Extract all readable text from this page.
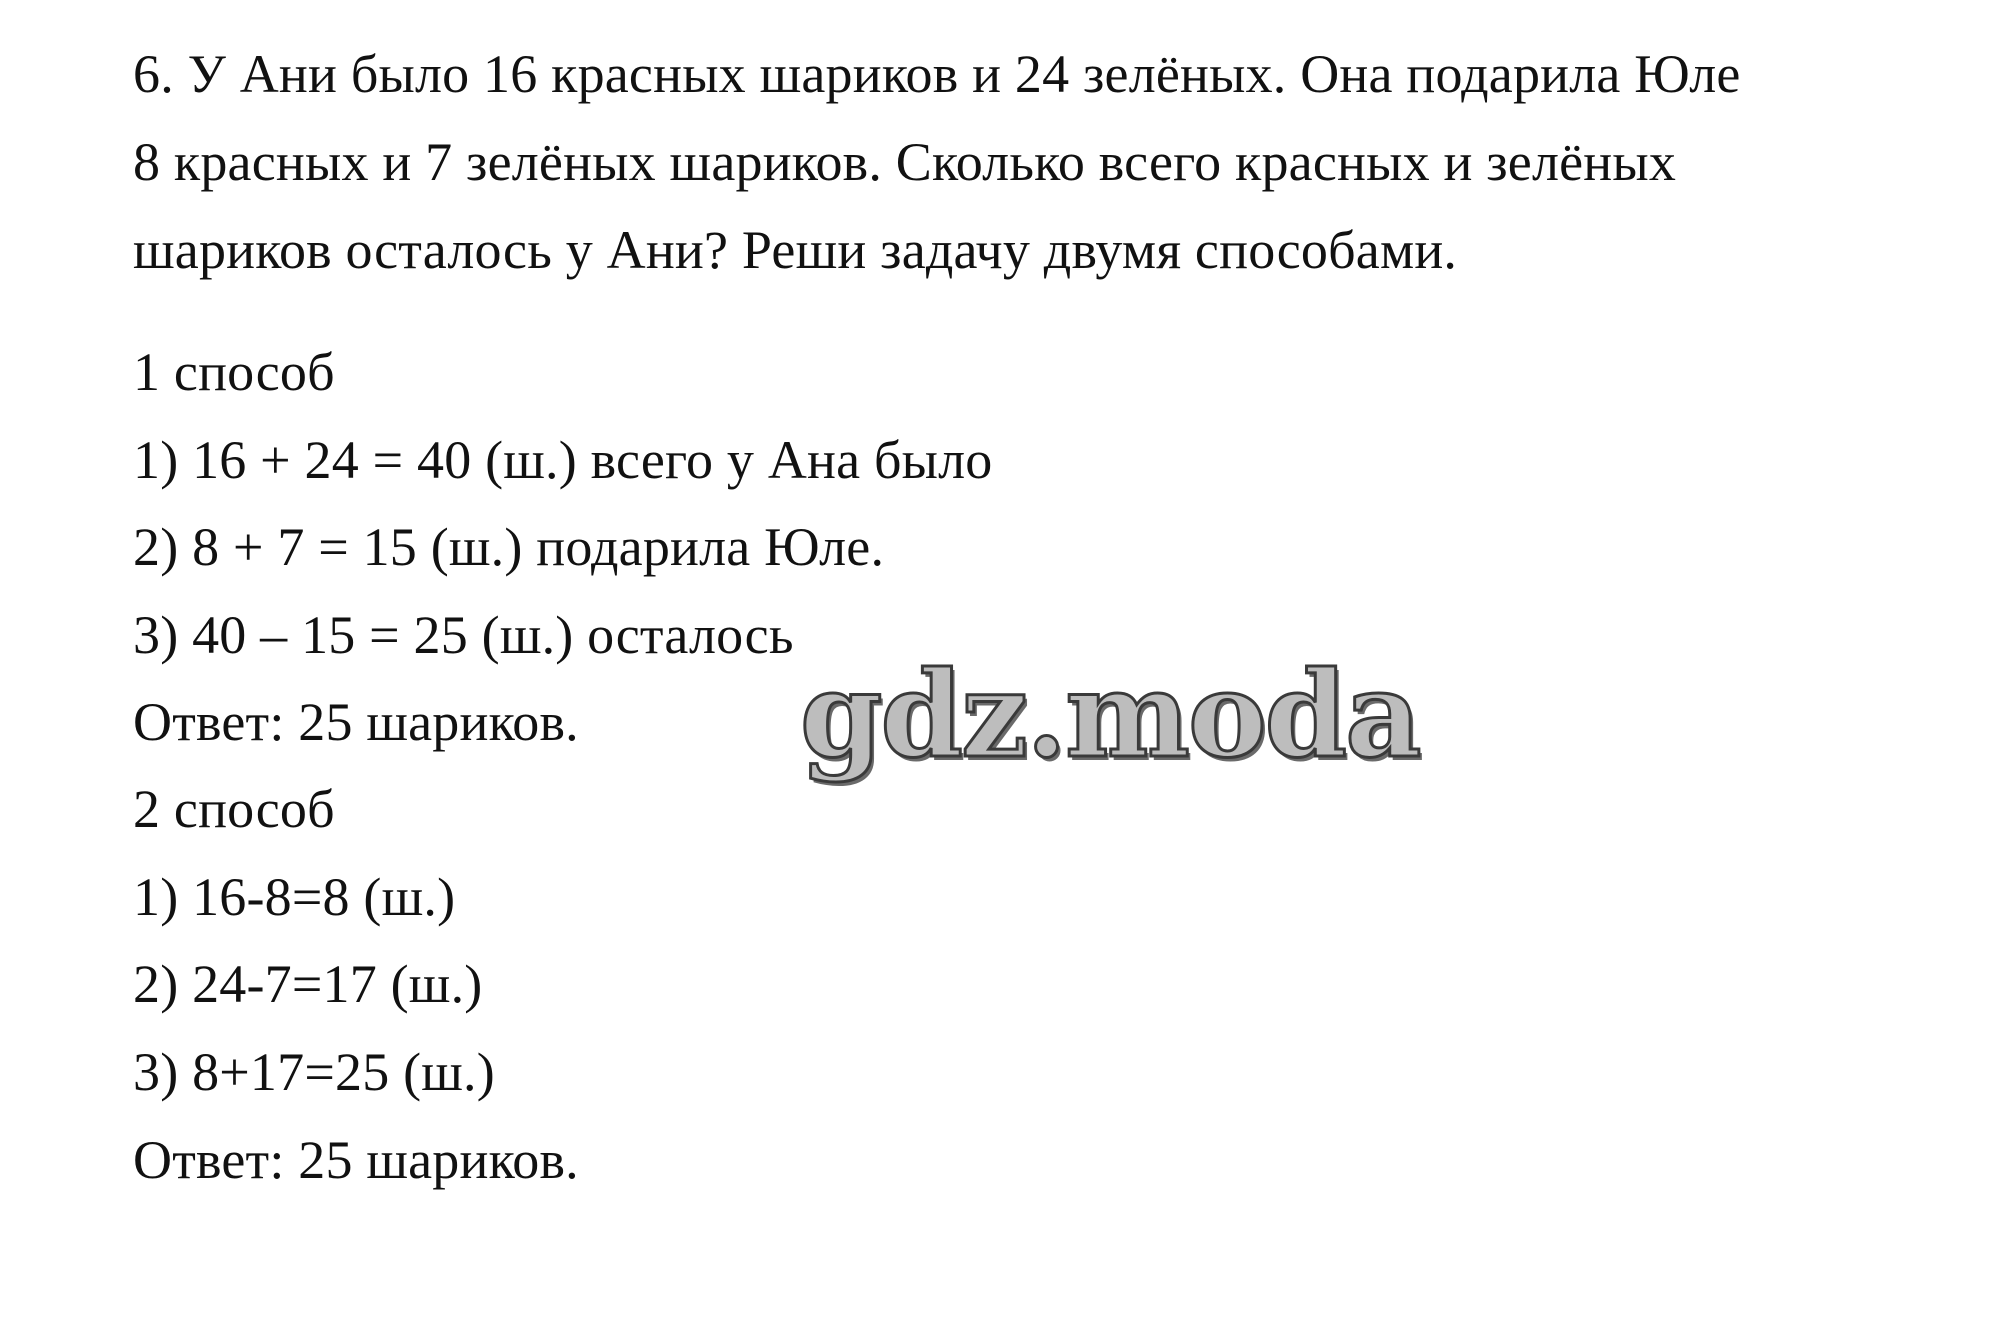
6. У Ани было 16 красных шариков и 24 зелёных. Она подарила Юле
8 красных и 7 зелёных шариков. Сколько всего красных и зелёных
шариков осталось у Ани? Реши задачу двумя способами.
1 способ
1) 16 + 24 = 40 (ш.) всего у Ана было
2) 8 + 7 = 15 (ш.) подарила Юле.
3) 40 – 15 = 25 (ш.) осталось
Ответ: 25 шариков.
2 способ
1) 16-8=8 (ш.)
2) 24-7=17 (ш.)
3) 8+17=25 (ш.)
Ответ: 25 шариков.
gdz.moda
